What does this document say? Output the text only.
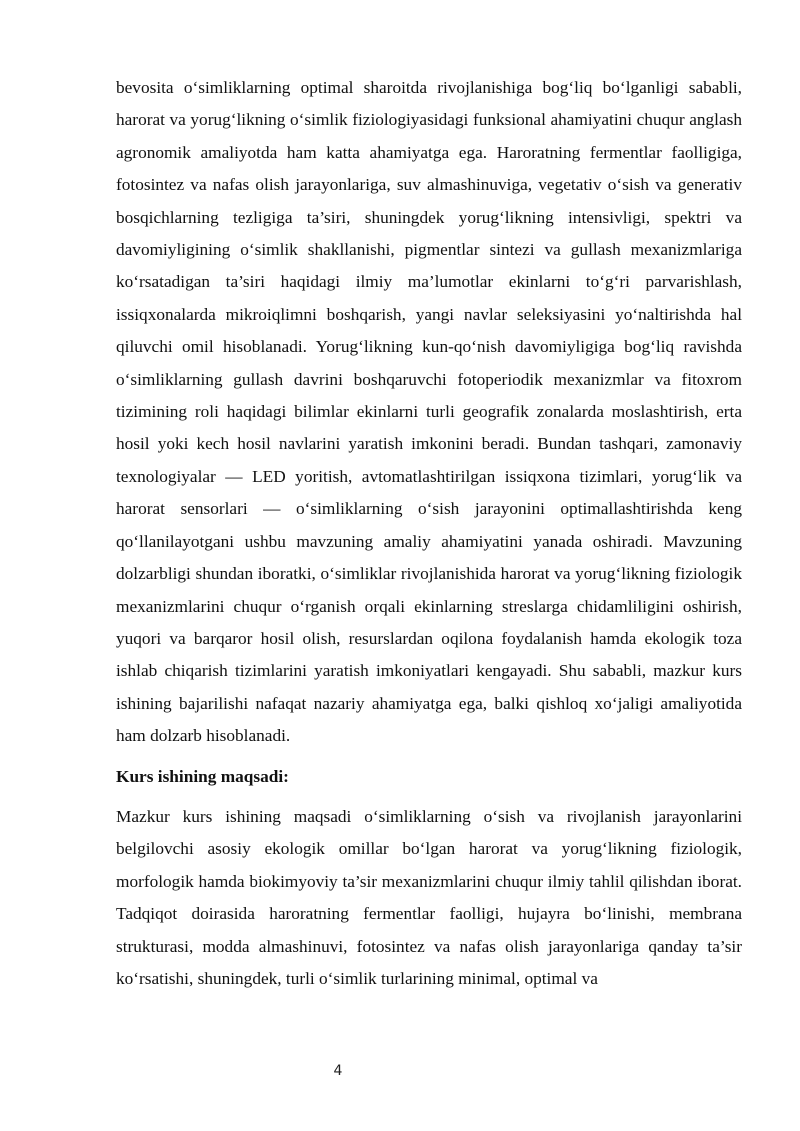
bevosita o‘simliklarning optimal sharoitda rivojlanishiga bog‘liq bo‘lganligi sababli, harorat va yorug‘likning o‘simlik fiziologiyasidagi funksional ahamiyatini chuqur anglash agronomik amaliyotda ham katta ahamiyatga ega. Haroratning fermentlar faolligiga, fotosintez va nafas olish jarayonlariga, suv almashinuviga, vegetativ o‘sish va generativ bosqichlarning tezligiga ta’siri, shuningdek yorug‘likning intensivligi, spektri va davomiyligining o‘simlik shakllanishi, pigmentlar sintezi va gullash mexanizmlariga ko‘rsatadigan ta’siri haqidagi ilmiy ma’lumotlar ekinlarni to‘g‘ri parvarishlash, issiqxonalarda mikroiqlimni boshqarish, yangi navlar seleksiyasini yo‘naltirishda hal qiluvchi omil hisoblanadi. Yorug‘likning kun-qo‘nish davomiyligiga bog‘liq ravishda o‘simliklarning gullash davrini boshqaruvchi fotoperiodik mexanizmlar va fitoxrom tizimining roli haqidagi bilimlar ekinlarni turli geografik zonalarda moslashtirish, erta hosil yoki kech hosil navlarini yaratish imkonini beradi. Bundan tashqari, zamonaviy texnologiyalar — LED yoritish, avtomatlashtirilgan issiqxona tizimlari, yorug‘lik va harorat sensorlari — o‘simliklarning o‘sish jarayonini optimallashtirishda keng qo‘llanilayotgani ushbu mavzuning amaliy ahamiyatini yanada oshiradi. Mavzuning dolzarbligi shundan iboratki, o‘simliklar rivojlanishida harorat va yorug‘likning fiziologik mexanizmlarini chuqur o‘rganish orqali ekinlarning streslarga chidamliligini oshirish, yuqori va barqaror hosil olish, resurslardan oqilona foydalanish hamda ekologik toza ishlab chiqarish tizimlarini yaratish imkoniyatlari kengayadi. Shu sababli, mazkur kurs ishining bajarilishi nafaqat nazariy ahamiyatga ega, balki qishloq xo‘jaligi amaliyotida ham dolzarb hisoblanadi.

Kurs ishining maqsadi:

Mazkur kurs ishining maqsadi o‘simliklarning o‘sish va rivojlanish jarayonlarini belgilovchi asosiy ekologik omillar bo‘lgan harorat va yorug‘likning fiziologik, morfologik hamda biokimyoviy ta’sir mexanizmlarini chuqur ilmiy tahlil qilishdan iborat. Tadqiqot doirasida haroratning fermentlar faolligi, hujayra bo‘linishi, membrana strukturasi, modda almashinuvi, fotosintez va nafas olish jarayonlariga qanday ta’sir ko‘rsatishi, shuningdek, turli o‘simlik turlarining minimal, optimal va

4
